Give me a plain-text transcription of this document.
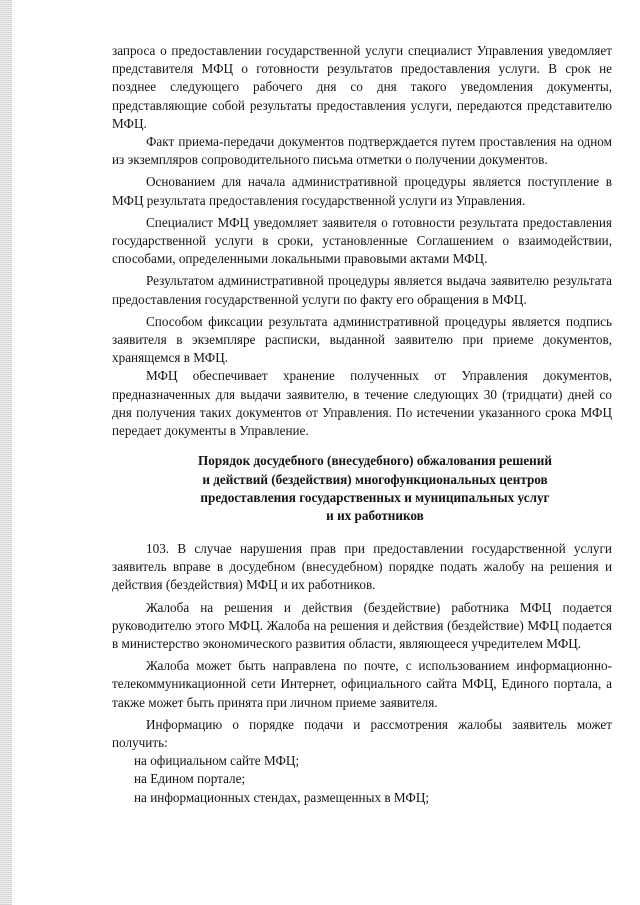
запроса о предоставлении государственной услуги специалист Управления уведомляет представителя МФЦ о готовности результатов предоставления услуги. В срок не позднее следующего рабочего дня со дня такого уведомления документы, представляющие собой результаты предоставления услуги, передаются представителю МФЦ.

Факт приема-передачи документов подтверждается путем проставления на одном из экземпляров сопроводительного письма отметки о получении документов.

Основанием для начала административной процедуры является поступление в МФЦ результата предоставления государственной услуги из Управления.

Специалист МФЦ уведомляет заявителя о готовности результата предоставления государственной услуги в сроки, установленные Соглашением о взаимодействии, способами, определенными локальными правовыми актами МФЦ.

Результатом административной процедуры является выдача заявителю результата предоставления государственной услуги по факту его обращения в МФЦ.

Способом фиксации результата административной процедуры является подпись заявителя в экземпляре расписки, выданной заявителю при приеме документов, хранящемся в МФЦ.

МФЦ обеспечивает хранение полученных от Управления документов, предназначенных для выдачи заявителю, в течение следующих 30 (тридцати) дней со дня получения таких документов от Управления. По истечении указанного срока МФЦ передает документы в Управление.

Порядок досудебного (внесудебного) обжалования решений
и действий (бездействия) многофункциональных центров
предоставления государственных и муниципальных услуг
и их работников

103. В случае нарушения прав при предоставлении государственной услуги заявитель вправе в досудебном (внесудебном) порядке подать жалобу на решения и действия (бездействия) МФЦ и их работников.

Жалоба на решения и действия (бездействие) работника МФЦ подается руководителю этого МФЦ. Жалоба на решения и действия (бездействие) МФЦ подается в министерство экономического развития области, являющееся учредителем МФЦ.

Жалоба может быть направлена по почте, с использованием информационно-телекоммуникационной сети Интернет, официального сайта МФЦ, Единого портала, а также может быть принята при личном приеме заявителя.

Информацию о порядке подачи и рассмотрения жалобы заявитель может получить:

на официальном сайте МФЦ;

на Едином портале;

на информационных стендах, размещенных в МФЦ;
